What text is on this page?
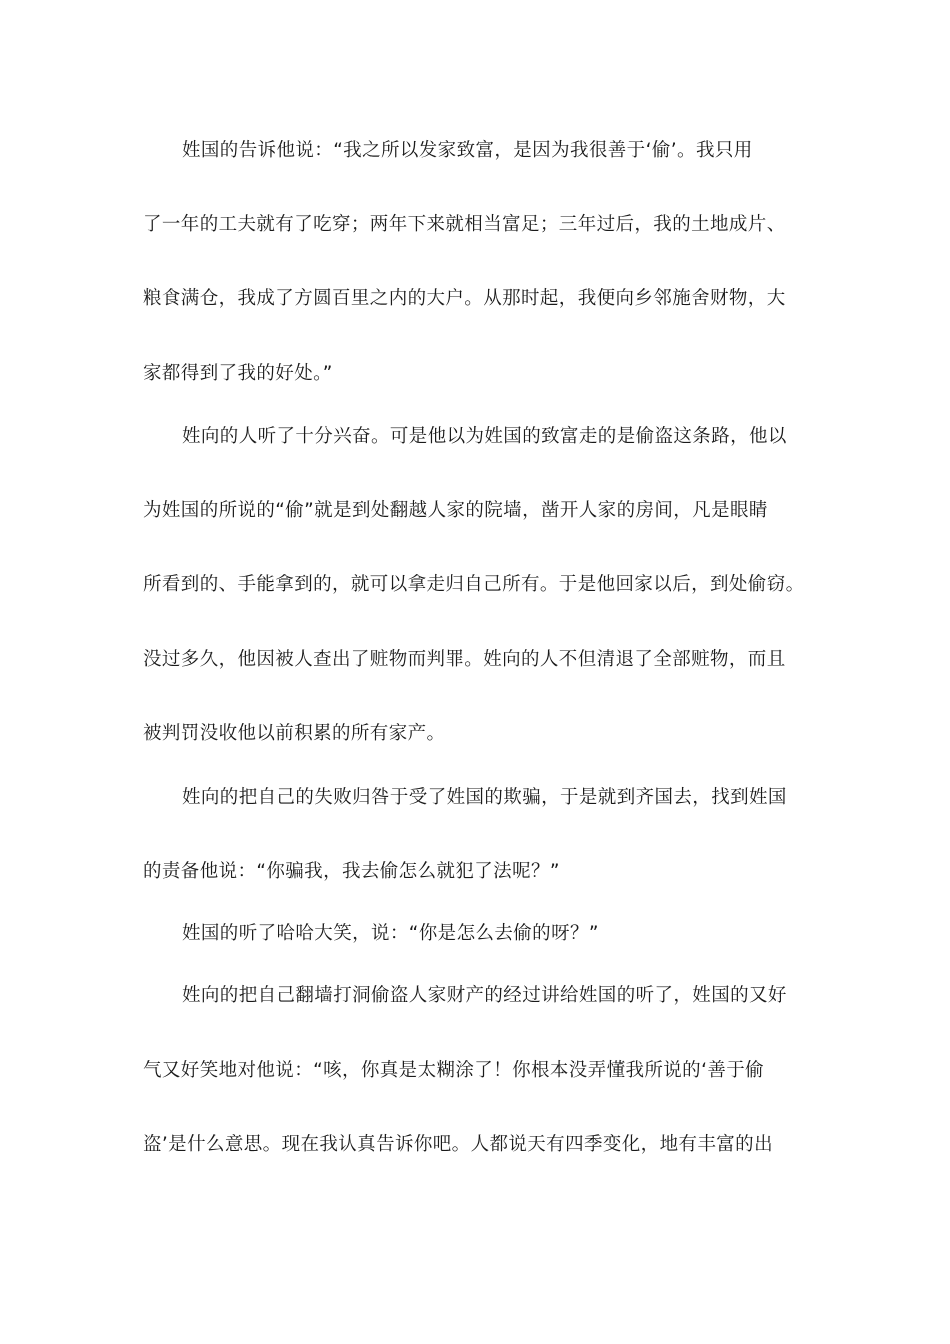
姓国的告诉他说：“我之所以发家致富，是因为我很善于‘偷’。我只用
了一年的工夫就有了吃穿；两年下来就相当富足；三年过后，我的土地成片、
粮食满仓，我成了方圆百里之内的大户。从那时起，我便向乡邻施舍财物，大
家都得到了我的好处。”
姓向的人听了十分兴奋。可是他以为姓国的致富走的是偷盗这条路，他以
为姓国的所说的“偷”就是到处翻越人家的院墙，凿开人家的房间，凡是眼睛
所看到的、手能拿到的，就可以拿走归自己所有。于是他回家以后，到处偷窃。
没过多久，他因被人查出了赃物而判罪。姓向的人不但清退了全部赃物，而且
被判罚没收他以前积累的所有家产。
姓向的把自己的失败归咎于受了姓国的欺骗，于是就到齐国去，找到姓国
的责备他说：“你骗我，我去偷怎么就犯了法呢？”
姓国的听了哈哈大笑，说：“你是怎么去偷的呀？”
姓向的把自己翻墙打洞偷盗人家财产的经过讲给姓国的听了，姓国的又好
气又好笑地对他说：“咳，你真是太糊涂了！你根本没弄懂我所说的‘善于偷
盗’是什么意思。现在我认真告诉你吧。人都说天有四季变化，地有丰富的出
